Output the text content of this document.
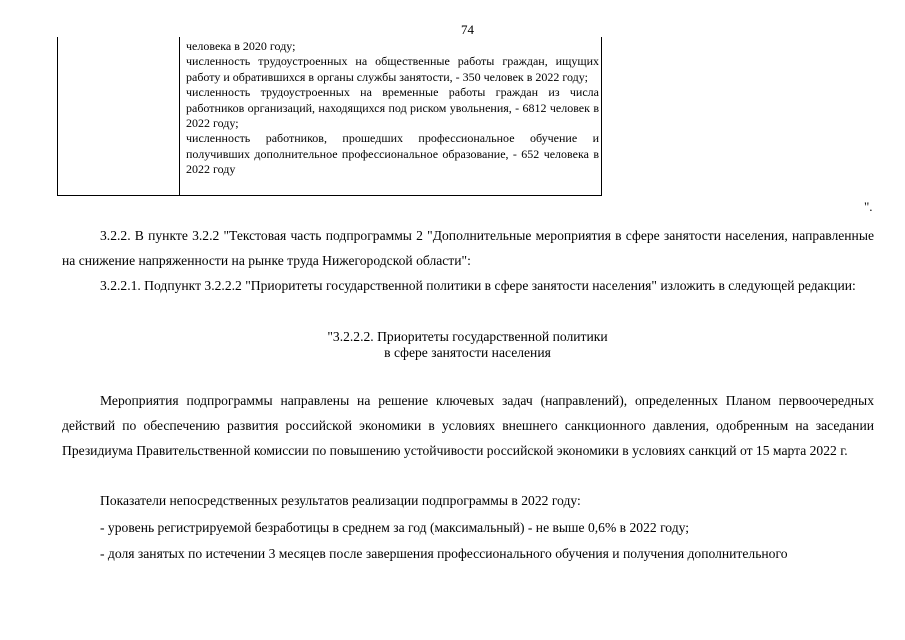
74
человека в 2020 году;
численность трудоустроенных на общественные работы граждан, ищущих работу и обратившихся в органы службы занятости, - 350 человек в 2022 году;
численность трудоустроенных на временные работы граждан из числа работников организаций, находящихся под риском увольнения, - 6812 человек в 2022 году;
численность работников, прошедших профессиональное обучение и получивших дополнительное профессиональное образование, - 652 человека в 2022 году
".
3.2.2. В пункте 3.2.2 "Текстовая часть подпрограммы 2 "Дополнительные мероприятия в сфере занятости населения, направленные на снижение напряженности на рынке труда Нижегородской области":
3.2.2.1. Подпункт 3.2.2.2 "Приоритеты государственной политики в сфере занятости населения" изложить в следующей редакции:
"3.2.2.2. Приоритеты государственной политики
в сфере занятости населения
Мероприятия подпрограммы направлены на решение ключевых задач (направлений), определенных Планом первоочередных действий по обеспечению развития российской экономики в условиях внешнего санкционного давления, одобренным на заседании Президиума Правительственной комиссии по повышению устойчивости российской экономики в условиях санкций от 15 марта 2022 г.
Показатели непосредственных результатов реализации подпрограммы в 2022 году:
- уровень регистрируемой безработицы в среднем за год (максимальный) - не выше 0,6% в 2022 году;
- доля занятых по истечении 3 месяцев после завершения профессионального обучения и получения дополнительного
